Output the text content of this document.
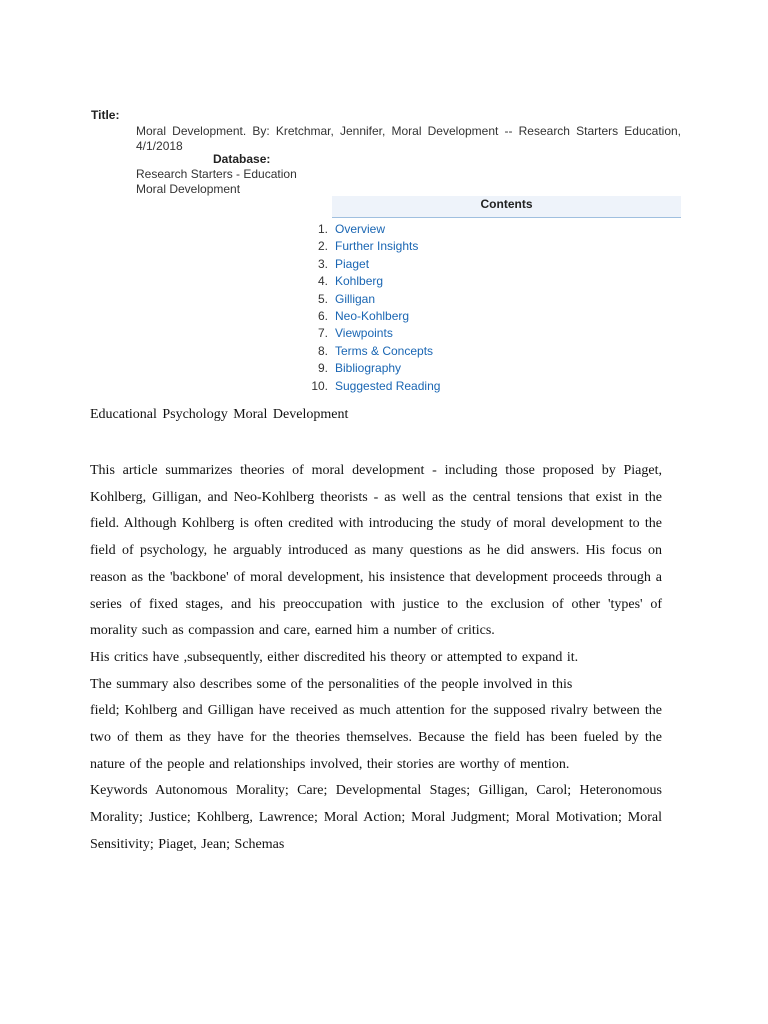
Title:
Moral Development. By: Kretchmar, Jennifer, Moral Development -- Research Starters Education, 4/1/2018
Database:
Research Starters - Education
Moral Development
Contents
1. Overview
2. Further Insights
3. Piaget
4. Kohlberg
5. Gilligan
6. Neo-Kohlberg
7. Viewpoints
8. Terms & Concepts
9. Bibliography
10. Suggested Reading
Educational Psychology Moral Development

This article summarizes theories of moral development - including those proposed by Piaget, Kohlberg, Gilligan, and Neo-Kohlberg theorists - as well as the central tensions that exist in the field. Although Kohlberg is often credited with introducing the study of moral development to the field of psychology, he arguably introduced as many questions as he did answers. His focus on reason as the 'backbone' of moral development, his insistence that development proceeds through a series of fixed stages, and his preoccupation with justice to the exclusion of other 'types' of morality such as compassion and care, earned him a number of critics.

His critics have ,subsequently, either discredited his theory or attempted to expand it.

The summary also describes some of the personalities of the people involved in this

field; Kohlberg and Gilligan have received as much attention for the supposed rivalry between the two of them as they have for the theories themselves. Because the field has been fueled by the nature of the people and relationships involved, their stories are worthy of mention.

Keywords Autonomous Morality; Care; Developmental Stages; Gilligan, Carol; Heteronomous Morality; Justice; Kohlberg, Lawrence; Moral Action; Moral Judgment; Moral Motivation; Moral Sensitivity; Piaget, Jean; Schemas
